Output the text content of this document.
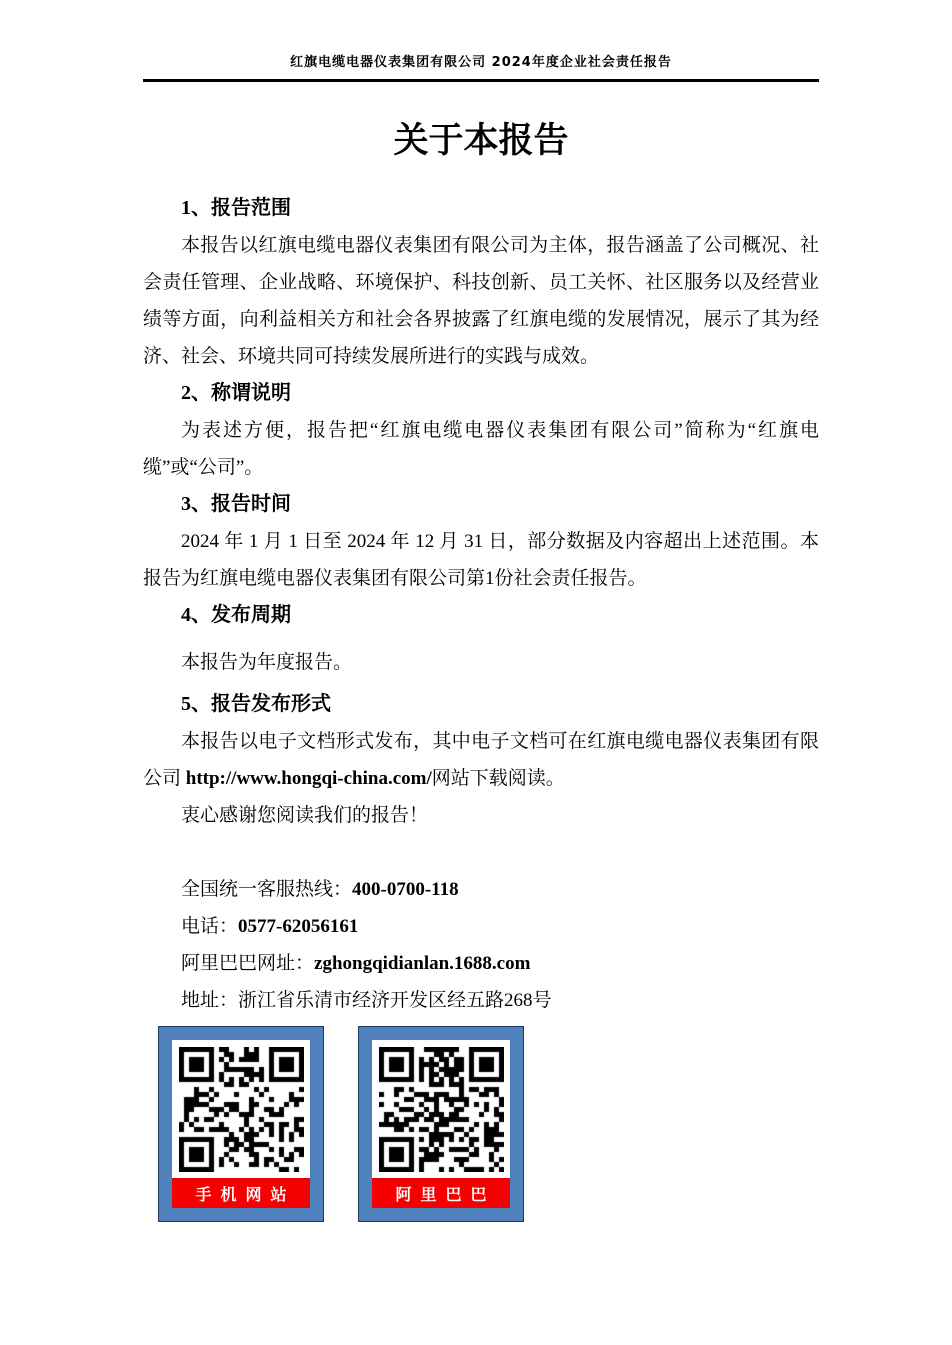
红旗电缆电器仪表集团有限公司 2024年度企业社会责任报告
关于本报告
1、报告范围

本报告以红旗电缆电器仪表集团有限公司为主体，报告涵盖了公司概况、社会责任管理、企业战略、环境保护、科技创新、员工关怀、社区服务以及经营业绩等方面，向利益相关方和社会各界披露了红旗电缆的发展情况，展示了其为经济、社会、环境共同可持续发展所进行的实践与成效。

2、称谓说明

为表述方便，报告把“红旗电缆电器仪表集团有限公司”简称为“红旗电缆”或“公司”。

3、报告时间

2024 年 1 月 1 日至 2024 年 12 月 31 日，部分数据及内容超出上述范围。本报告为红旗电缆电器仪表集团有限公司第1份社会责任报告。

4、发布周期

本报告为年度报告。

5、报告发布形式

本报告以电子文档形式发布，其中电子文档可在红旗电缆电器仪表集团有限公司 http://www.hongqi-china.com/网站下载阅读。

衷心感谢您阅读我们的报告！

全国统一客服热线：400-0700-118

电话：0577-62056161

阿里巴巴网址：zghongqidianlan.1688.com

地址：浙江省乐清市经济开发区经五路268号

手机网站	阿里巴巴
